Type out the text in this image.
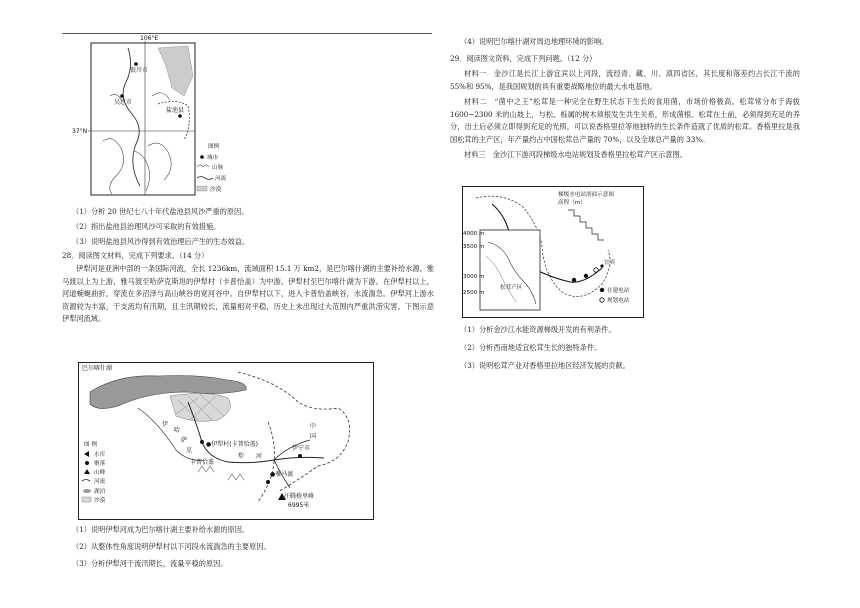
106°E
37°N
银川市
吴忠市
盐池县
图例
城市
山脉
河流
沙漠
（1）分析 20 世纪七八十年代盐池县风沙严重的原因。
（2）指出盐池县治理风沙可采取的有效措施。
（3）说明盐池县风沙得到有效治理后产生的生态效益。
28．阅读图文材料，完成下列要求。（14 分）
伊犁河是亚洲中部的一条国际河流，全长 1236km，流域面积 15.1 万 km2，是巴尔喀什湖的主要补给水源。雅马渡以上为上游，雅马渡至哈萨克斯坦的伊犁村（卡普恰盖）为中游，伊犁村至巴尔喀什湖为下游。在伊犁村以上，河道蜿蜒曲折，穿流在多沼泽与高山峡谷的宽河谷中。自伊犁村以下，进入卡普恰盖峡谷，水流湍急。伊犁河上游水资源较为丰富，干支流均有汛期，且主汛期较长，流量相对平稳，历史上未出现过大范围内严重洪涝灾害。下图示意伊犁河流域。
巴尔喀什湖
哈
萨
克
伊
犁 河
●伊犁村(卡普恰盖)
卡普恰盖
中
国
伊宁市
●雅马渡
汗腾格里峰
6995米
图 例
水库
聚落
山峰
河流
湖泊
沙漠
（1）说明伊犁河成为巴尔喀什湖主要补给水源的原因。
（2）从整体性角度说明伊犁村以下河段水流湍急的主要原因。
（3）分析伊犁河干流汛期长，流量平稳的原因。
（4）说明巴尔喀什湖对周边地理环境的影响。
29．阅读图文资料，完成下列问题。（12 分）
材料一　金沙江是长江上游宜宾以上河段，流经青、藏、川、滇四省区，其长度和落差约占长江干流的 55%和 95%，是我国规划的具有重要战略地位的最大水电基地。
材料二　“菌中之王”松茸是一种完全在野生状态下生长的食用菌，市场价格极高。松茸常分布于海拔 1600~2300 米的山坡上，与松、栎属的树木须根发生共生关系，形成菌根。松茸在土前，必须得到充足的养分，出土后必须立即得到充足的光照，可以说香格里拉等地独特的生长条件造就了优质的松茸。香格里拉是我国松茸的主产区，年产量约占中国松茸总产量的 70%，以及全球总产量的 33%。
材料三　金沙江下游河段梯级水电站规划及香格里拉松茸产区示意图。
4000 m
3500 m
3000 m
2500 m
松茸产区
梯级水电站剖面示意图
高程（m）
宜宾
在建电站
规划电站
（1）分析金沙江水能资源梯级开发的有利条件。
（2）分析西南地适宜松茸生长的独特条件。
（3）说明松茸产业对香格里拉地区经济发展的贡献。
